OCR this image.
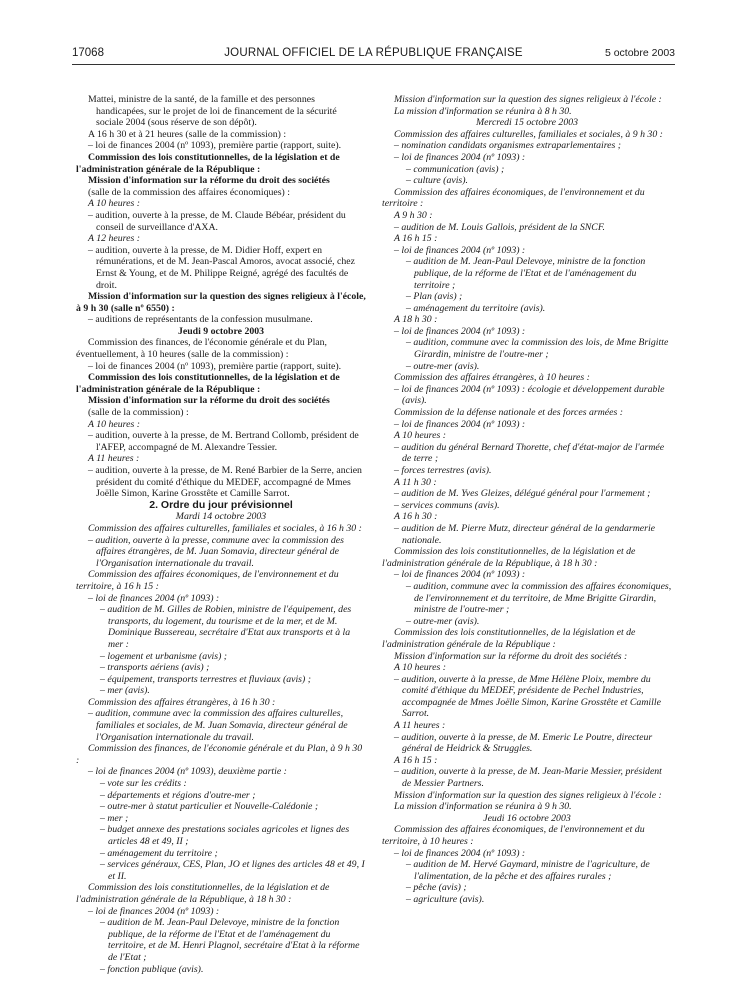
17068	JOURNAL OFFICIEL DE LA RÉPUBLIQUE FRANÇAISE	5 octobre 2003

Mattei, ministre de la santé, de la famille et des personnes handicapées, sur le projet de loi de financement de la sécurité sociale 2004 (sous réserve de son dépôt).

A 16 h 30 et à 21 heures (salle de la commission) :

– loi de finances 2004 (nº 1093), première partie (rapport, suite).

Commission des lois constitutionnelles, de la législation et de l'administration générale de la République :

Mission d'information sur la réforme du droit des sociétés

(salle de la commission des affaires économiques) :

A 10 heures :

– audition, ouverte à la presse, de M. Claude Bébéar, président du conseil de surveillance d'AXA.

A 12 heures :

– audition, ouverte à la presse, de M. Didier Hoff, expert en rémunérations, et de M. Jean-Pascal Amoros, avocat associé, chez Ernst & Young, et de M. Philippe Reigné, agrégé des facultés de droit.

Mission d'information sur la question des signes religieux à l'école, à 9 h 30 (salle nº 6550) :

– auditions de représentants de la confession musulmane.

Jeudi 9 octobre 2003

Commission des finances, de l'économie générale et du Plan, éventuellement, à 10 heures (salle de la commission) :

– loi de finances 2004 (nº 1093), première partie (rapport, suite).

Commission des lois constitutionnelles, de la législation et de l'administration générale de la République :

Mission d'information sur la réforme du droit des sociétés

(salle de la commission) :

A 10 heures :

– audition, ouverte à la presse, de M. Bertrand Collomb, président de l'AFEP, accompagné de M. Alexandre Tessier.

A 11 heures :

– audition, ouverte à la presse, de M. René Barbier de la Serre, ancien président du comité d'éthique du MEDEF, accompagné de Mmes Joëlle Simon, Karine Grosstête et Camille Sarrot.

2. Ordre du jour prévisionnel

Mardi 14 octobre 2003

Commission des affaires culturelles, familiales et sociales, à 16 h 30 :

– audition, ouverte à la presse, commune avec la commission des affaires étrangères, de M. Juan Somavia, directeur général de l'Organisation internationale du travail.

Commission des affaires économiques, de l'environnement et du territoire, à 16 h 15 :

– loi de finances 2004 (nº 1093) :

– audition de M. Gilles de Robien, ministre de l'équipement, des transports, du logement, du tourisme et de la mer, et de M. Dominique Bussereau, secrétaire d'Etat aux transports et à la mer :

– logement et urbanisme (avis) ;

– transports aériens (avis) ;

– équipement, transports terrestres et fluviaux (avis) ;

– mer (avis).

Commission des affaires étrangères, à 16 h 30 :

– audition, commune avec la commission des affaires culturelles, familiales et sociales, de M. Juan Somavia, directeur général de l'Organisation internationale du travail.

Commission des finances, de l'économie générale et du Plan, à 9 h 30 :

– loi de finances 2004 (nº 1093), deuxième partie :

– vote sur les crédits :

– départements et régions d'outre-mer ;

– outre-mer à statut particulier et Nouvelle-Calédonie ;

– mer ;

– budget annexe des prestations sociales agricoles et lignes des articles 48 et 49, II ;

– aménagement du territoire ;

– services généraux, CES, Plan, JO et lignes des articles 48 et 49, I et II.

Commission des lois constitutionnelles, de la législation et de l'administration générale de la République, à 18 h 30 :

– loi de finances 2004 (nº 1093) :

– audition de M. Jean-Paul Delevoye, ministre de la fonction publique, de la réforme de l'Etat et de l'aménagement du territoire, et de M. Henri Plagnol, secrétaire d'Etat à la réforme de l'Etat ;

– fonction publique (avis).

Mission d'information sur la question des signes religieux à l'école :

La mission d'information se réunira à 8 h 30.

Mercredi 15 octobre 2003

Commission des affaires culturelles, familiales et sociales, à 9 h 30 :

– nomination candidats organismes extraparlementaires ;

– loi de finances 2004 (nº 1093) :

– communication (avis) ;

– culture (avis).

Commission des affaires économiques, de l'environnement et du territoire :

A 9 h 30 :

– audition de M. Louis Gallois, président de la SNCF.

A 16 h 15 :

– loi de finances 2004 (nº 1093) :

– audition de M. Jean-Paul Delevoye, ministre de la fonction publique, de la réforme de l'Etat et de l'aménagement du territoire ;

– Plan (avis) ;

– aménagement du territoire (avis).

A 18 h 30 :

– loi de finances 2004 (nº 1093) :

– audition, commune avec la commission des lois, de Mme Brigitte Girardin, ministre de l'outre-mer ;

– outre-mer (avis).

Commission des affaires étrangères, à 10 heures :

– loi de finances 2004 (nº 1093) : écologie et développement durable (avis).

Commission de la défense nationale et des forces armées :

– loi de finances 2004 (nº 1093) :

A 10 heures :

– audition du général Bernard Thorette, chef d'état-major de l'armée de terre ;

– forces terrestres (avis).

A 11 h 30 :

– audition de M. Yves Gleizes, délégué général pour l'armement ;

– services communs (avis).

A 16 h 30 :

– audition de M. Pierre Mutz, directeur général de la gendarmerie nationale.

Commission des lois constitutionnelles, de la législation et de l'administration générale de la République, à 18 h 30 :

– loi de finances 2004 (nº 1093) :

– audition, commune avec la commission des affaires économiques, de l'environnement et du territoire, de Mme Brigitte Girardin, ministre de l'outre-mer ;

– outre-mer (avis).

Commission des lois constitutionnelles, de la législation et de l'administration générale de la République :

Mission d'information sur la réforme du droit des sociétés :

A 10 heures :

– audition, ouverte à la presse, de Mme Hélène Ploix, membre du comité d'éthique du MEDEF, présidente de Pechel Industries, accompagnée de Mmes Joëlle Simon, Karine Grosstête et Camille Sarrot.

A 11 heures :

– audition, ouverte à la presse, de M. Emeric Le Poutre, directeur général de Heidrick & Struggles.

A 16 h 15 :

– audition, ouverte à la presse, de M. Jean-Marie Messier, président de Messier Partners.

Mission d'information sur la question des signes religieux à l'école :

La mission d'information se réunira à 9 h 30.

Jeudi 16 octobre 2003

Commission des affaires économiques, de l'environnement et du territoire, à 10 heures :

– loi de finances 2004 (nº 1093) :

– audition de M. Hervé Gaymard, ministre de l'agriculture, de l'alimentation, de la pêche et des affaires rurales ;

– pêche (avis) ;

– agriculture (avis).
